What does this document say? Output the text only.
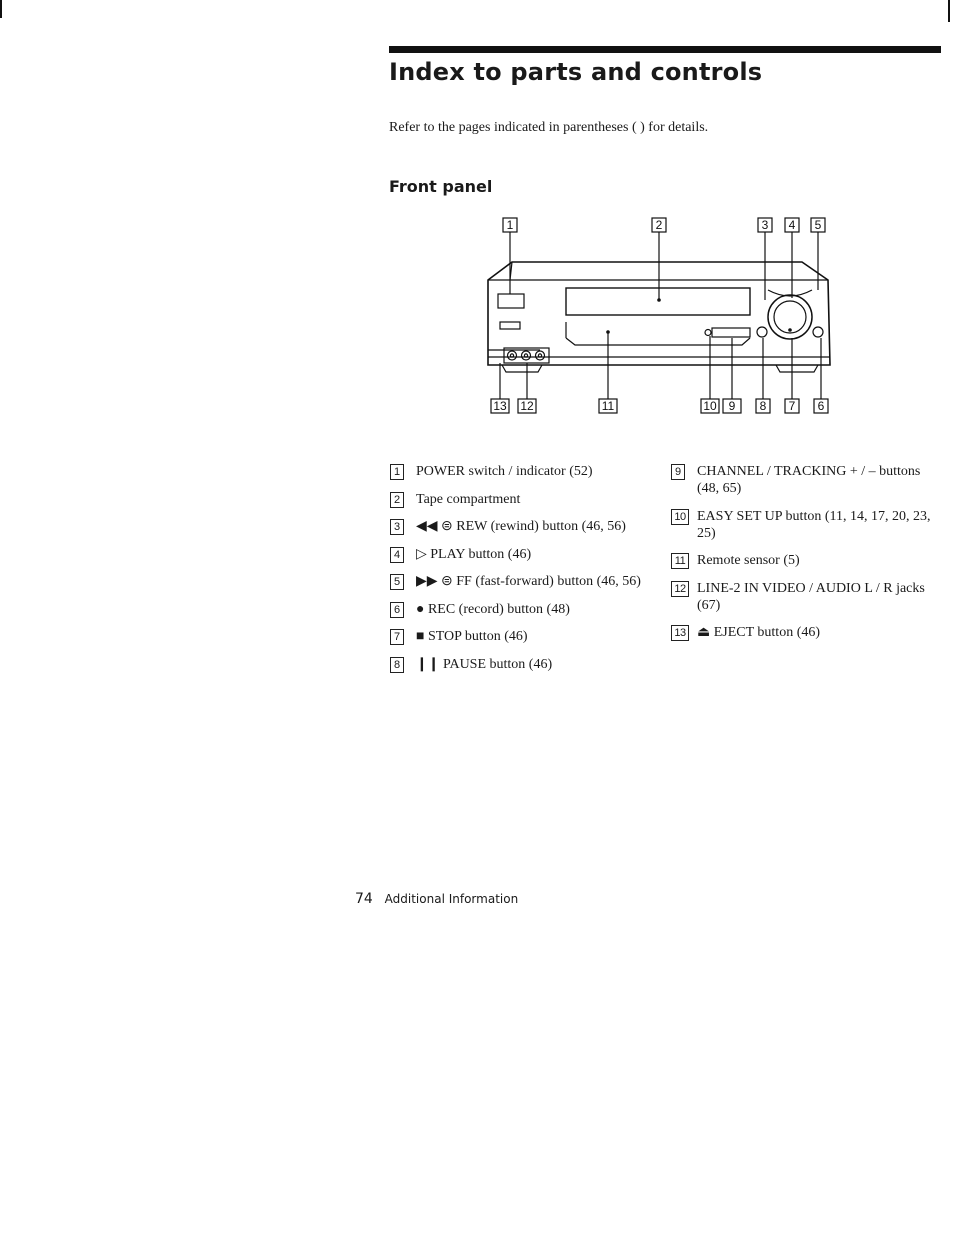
Index to parts and controls
Refer to the pages indicated in parentheses ( ) for details.
Front panel
1	2	3 4 5
13 12	11	10 9 8 7 6
1 POWER switch / indicator (52)
2 Tape compartment
3 ◀◀ ⊜ REW (rewind) button (46, 56)
4 ▷ PLAY button (46)
5 ▶▶ ⊜ FF (fast-forward) button (46, 56)
6 ● REC (record) button (48)
7 ■ STOP button (46)
8 ❙❙ PAUSE button (46)
9 CHANNEL / TRACKING + / – buttons (48, 65)
10 EASY SET UP button (11, 14, 17, 20, 23, 25)
11 Remote sensor (5)
12 LINE-2 IN VIDEO / AUDIO L / R jacks (67)
13 ⏏ EJECT button (46)
74 Additional Information
